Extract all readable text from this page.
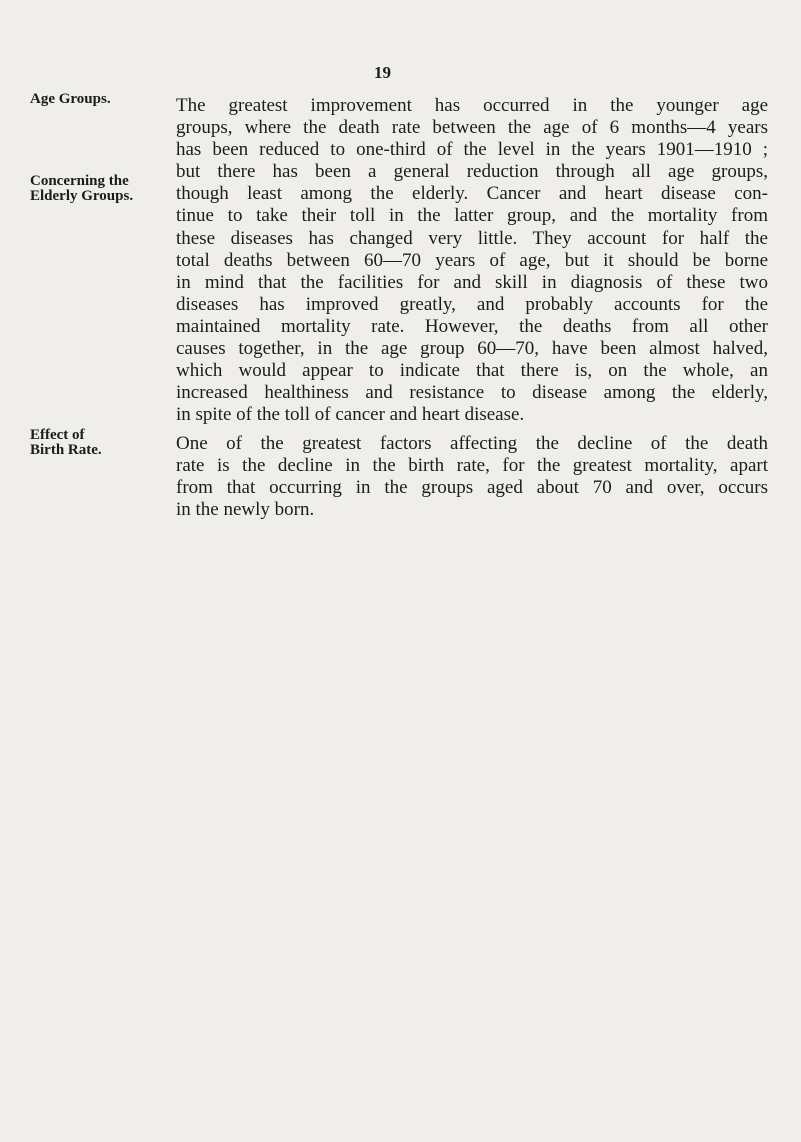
19
Age Groups.
Concerning the
Elderly Groups.
Effect of
Birth Rate.
The greatest improvement has occurred in the younger age
groups, where the death rate between the age of 6 months—4 years
has been reduced to one-third of the level in the years 1901—1910 ;
but there has been a general reduction through all age groups,
though least among the elderly. Cancer and heart disease con-
tinue to take their toll in the latter group, and the mortality from
these diseases has changed very little. They account for half the
total deaths between 60—70 years of age, but it should be borne
in mind that the facilities for and skill in diagnosis of these two
diseases has improved greatly, and probably accounts for the
maintained mortality rate. However, the deaths from all other
causes together, in the age group 60—70, have been almost halved,
which would appear to indicate that there is, on the whole, an
increased healthiness and resistance to disease among the elderly,
in spite of the toll of cancer and heart disease.
One of the greatest factors affecting the decline of the death
rate is the decline in the birth rate, for the greatest mortality, apart
from that occurring in the groups aged about 70 and over, occurs
in the newly born.
